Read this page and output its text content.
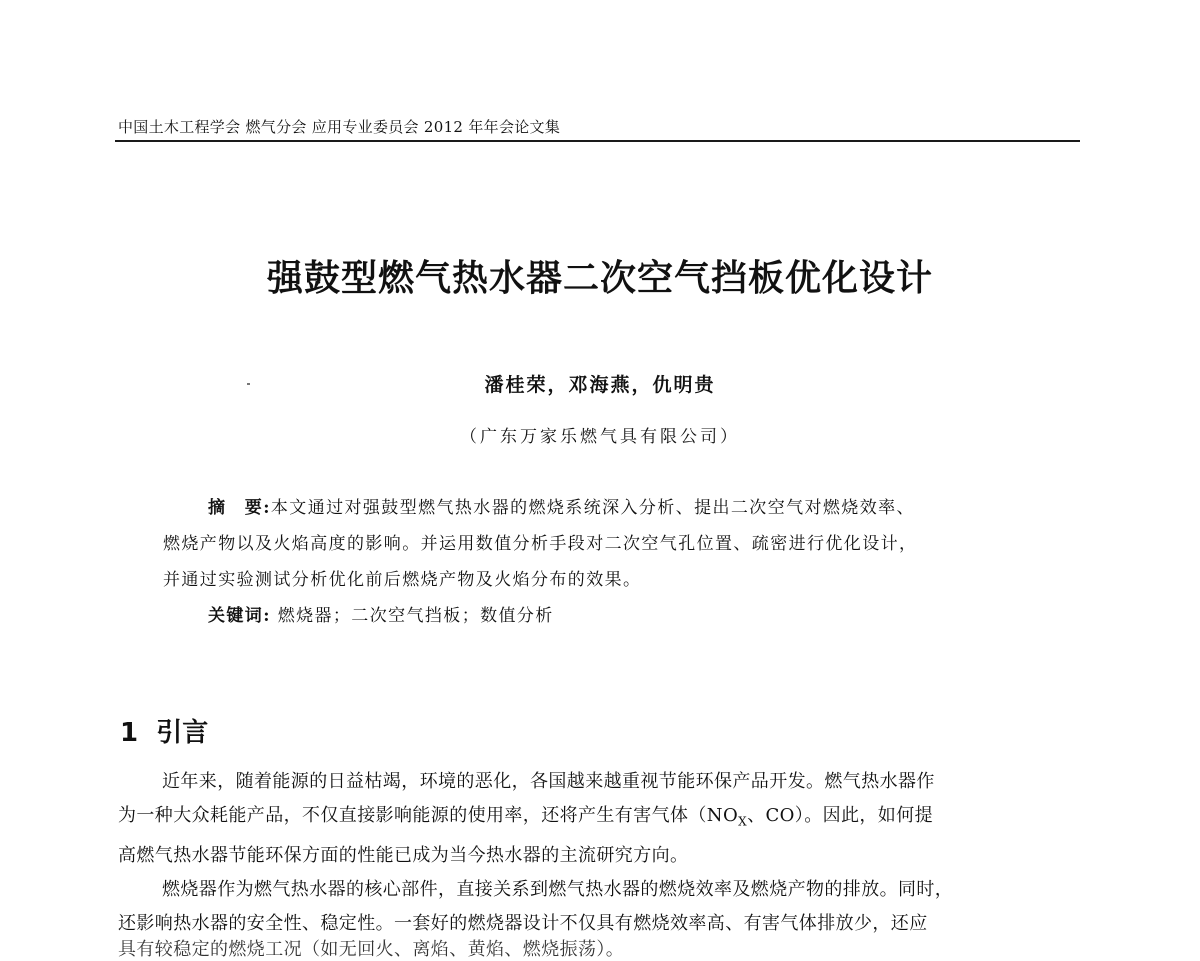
中国土木工程学会 燃气分会 应用专业委员会 2012 年年会论文集
强鼓型燃气热水器二次空气挡板优化设计
潘桂荣，邓海燕，仇明贵
（广东万家乐燃气具有限公司）
摘　要:本文通过对强鼓型燃气热水器的燃烧系统深入分析、提出二次空气对燃烧效率、
燃烧产物以及火焰高度的影响。并运用数值分析手段对二次空气孔位置、疏密进行优化设计，
并通过实验测试分析优化前后燃烧产物及火焰分布的效果。
关键词: 燃烧器；二次空气挡板；数值分析
1 引言
近年来，随着能源的日益枯竭，环境的恶化，各国越来越重视节能环保产品开发。燃气热水器作
为一种大众耗能产品，不仅直接影响能源的使用率，还将产生有害气体（$NO_X$、CO）。因此，如何提
高燃气热水器节能环保方面的性能已成为当今热水器的主流研究方向。
燃烧器作为燃气热水器的核心部件，直接关系到燃气热水器的燃烧效率及燃烧产物的排放。同时，
还影响热水器的安全性、稳定性。一套好的燃烧器设计不仅具有燃烧效率高、有害气体排放少，还应
具有较稳定的燃烧工况（如无回火、离焰、黄焰、燃烧振荡）。
